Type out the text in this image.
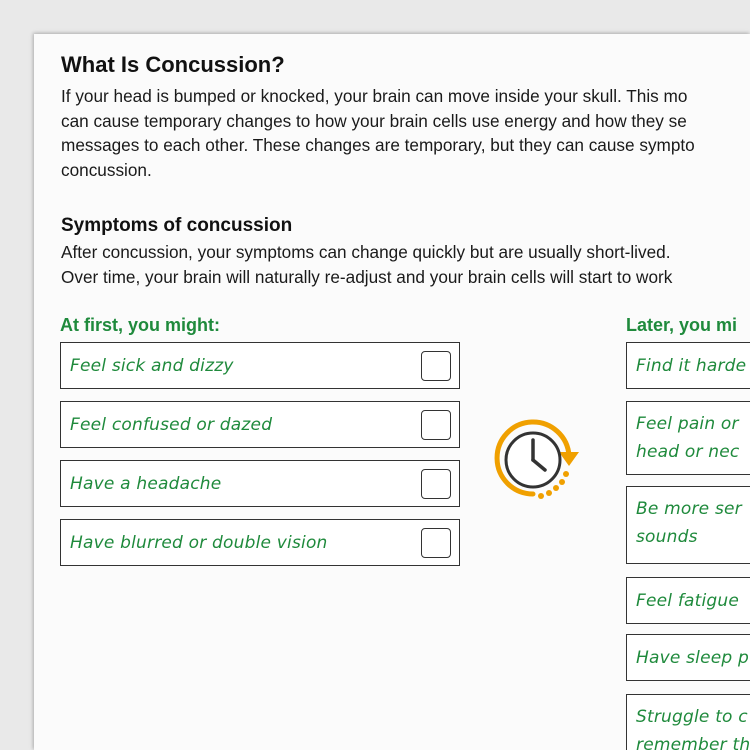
What Is Concussion?
If your head is bumped or knocked, your brain can move inside your skull. This mo
can cause temporary changes to how your brain cells use energy and how they se
messages to each other. These changes are temporary, but they can cause sympto
concussion.
Symptoms of concussion
After concussion, your symptoms can change quickly but are usually short-lived.
Over time, your brain will naturally re-adjust and your brain cells will start to work
At first, you might:
Feel sick and dizzy
Feel confused or dazed
Have a headache
Have blurred or double vision
Later, you mi
Find it harde
Feel pain or
head or nec
Be more ser
sounds
Feel fatigue
Have sleep p
Struggle to c
remember th
